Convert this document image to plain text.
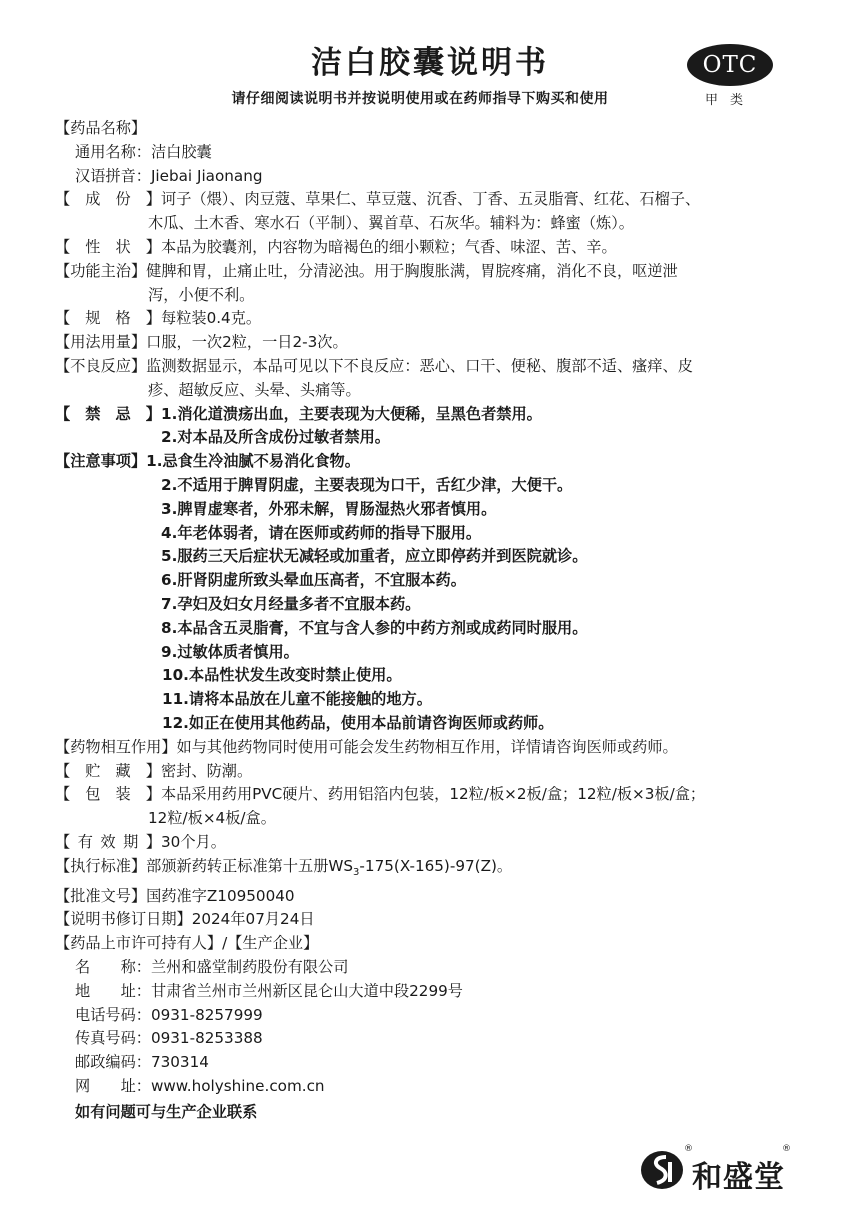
洁白胶囊说明书
请仔细阅读说明书并按说明使用或在药师指导下购买和使用
OTC
甲类
【药品名称】
通用名称：洁白胶囊
汉语拼音：Jiebai Jiaonang
【 成 份 】 诃子（煨）、肉豆蔻、草果仁、草豆蔻、沉香、丁香、五灵脂膏、红花、石榴子、
木瓜、土木香、寒水石（平制）、翼首草、石灰华。辅料为：蜂蜜（炼）。
【 性 状 】 本品为胶囊剂，内容物为暗褐色的细小颗粒；气香、味涩、苦、辛。
【功能主治】健脾和胃，止痛止吐，分清泌浊。用于胸腹胀满，胃脘疼痛，消化不良，呕逆泄
泻，小便不利。
【 规 格 】 每粒装0.4克。
【用法用量】口服，一次2粒，一日2-3次。
【不良反应】监测数据显示，本品可见以下不良反应：恶心、口干、便秘、腹部不适、瘙痒、皮
疹、超敏反应、头晕、头痛等。
【 禁 忌 】 1.消化道溃疡出血，主要表现为大便稀，呈黑色者禁用。
2.对本品及所含成份过敏者禁用。
【注意事项】1.忌食生冷油腻不易消化食物。
2.不适用于脾胃阴虚，主要表现为口干，舌红少津，大便干。
3.脾胃虚寒者，外邪未解，胃肠湿热火邪者慎用。
4.年老体弱者，请在医师或药师的指导下服用。
5.服药三天后症状无减轻或加重者，应立即停药并到医院就诊。
6.肝肾阴虚所致头晕血压高者，不宜服本药。
7.孕妇及妇女月经量多者不宜服本药。
8.本品含五灵脂膏，不宜与含人参的中药方剂或成药同时服用。
9.过敏体质者慎用。
10.本品性状发生改变时禁止使用。
11.请将本品放在儿童不能接触的地方。
12.如正在使用其他药品，使用本品前请咨询医师或药师。
【药物相互作用】如与其他药物同时使用可能会发生药物相互作用，详情请咨询医师或药师。
【 贮 藏 】 密封、防潮。
【 包 装 】 本品采用药用PVC硬片、药用铝箔内包装，12粒/板×2板/盒；12粒/板×3板/盒；
12粒/板×4板/盒。
【 有 效 期 】 30个月。
【执行标准】部颁新药转正标准第十五册$WS_3-175(X-165)-97(Z)$。
【批准文号】国药准字Z10950040
【说明书修订日期】2024年07月24日
【药品上市许可持有人】/【生产企业】
名　　称：兰州和盛堂制药股份有限公司
地　　址：甘肃省兰州市兰州新区昆仑山大道中段2299号
电话号码：0931-8257999
传真号码：0931-8253388
邮政编码：730314
网　　址：www.holyshine.com.cn
如有问题可与生产企业联系
®
和盛堂
®
